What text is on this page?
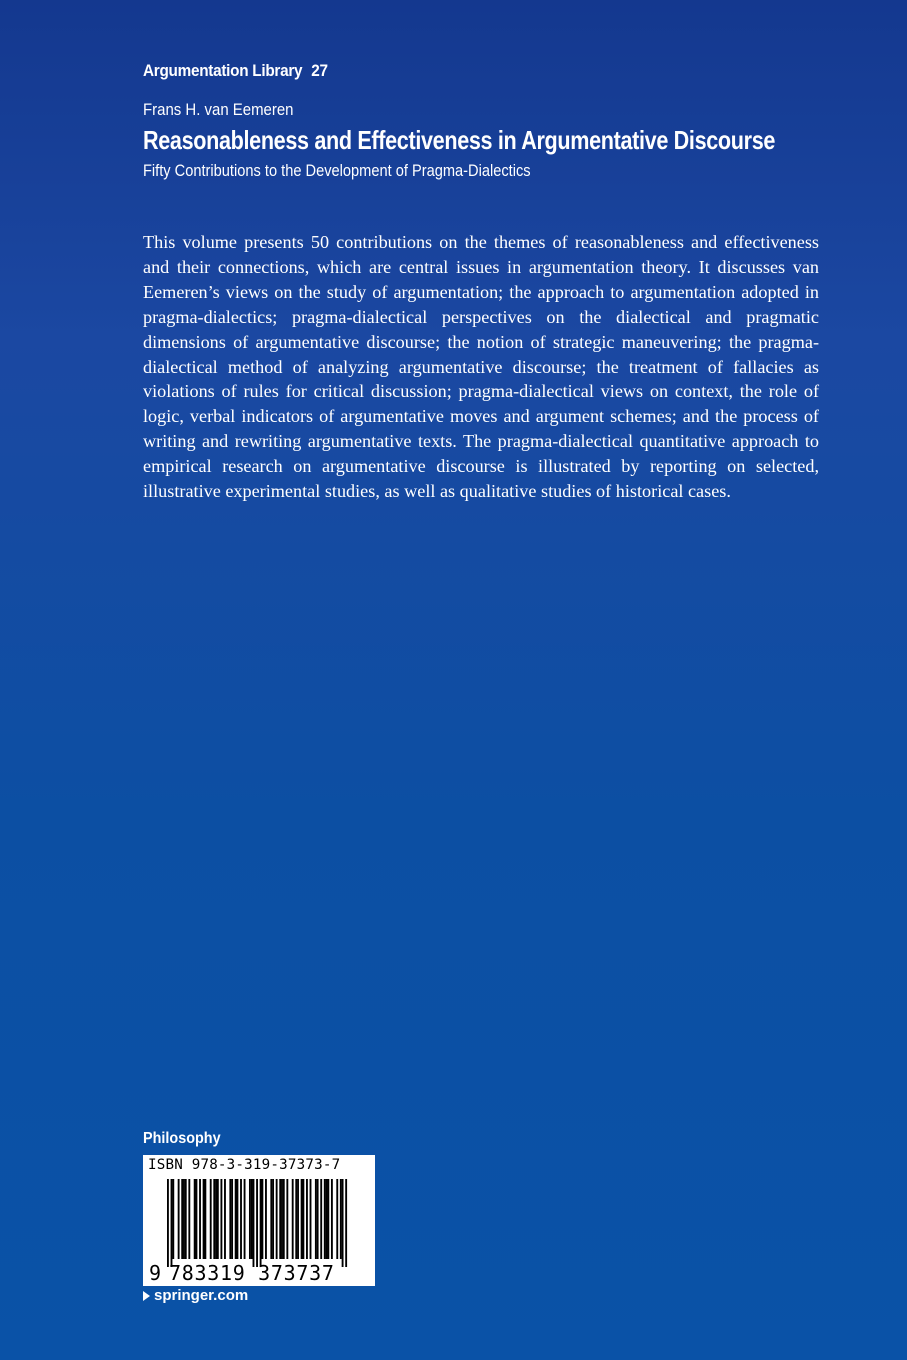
Argumentation Library 27
Frans H. van Eemeren
Reasonableness and Effectiveness in Argumentative Discourse
Fifty Contributions to the Development of Pragma-Dialectics

This volume presents 50 contributions on the themes of reasonableness and effectiveness and their connections, which are central issues in argumentation theory. It discusses van Eemeren’s views on the study of argumentation; the approach to argumentation adopted in pragma-dialectics; pragma-dialectical perspectives on the dialectical and pragmatic dimensions of argumentative discourse; the notion of strategic maneuvering; the pragma-dialectical method of analyzing argumentative discourse; the treatment of fallacies as violations of rules for critical discussion; pragma-dialectical views on context, the role of logic, verbal indicators of argumentative moves and argument schemes; and the process of writing and rewriting argumentative texts. The pragma-dialectical quantitative approach to empirical research on argumentative discourse is illustrated by reporting on selected, illustrative experimental studies, as well as qualitative studies of historical cases.

Philosophy
ISBN 978-3-319-37373-7
9 783319 373737
springer.com
